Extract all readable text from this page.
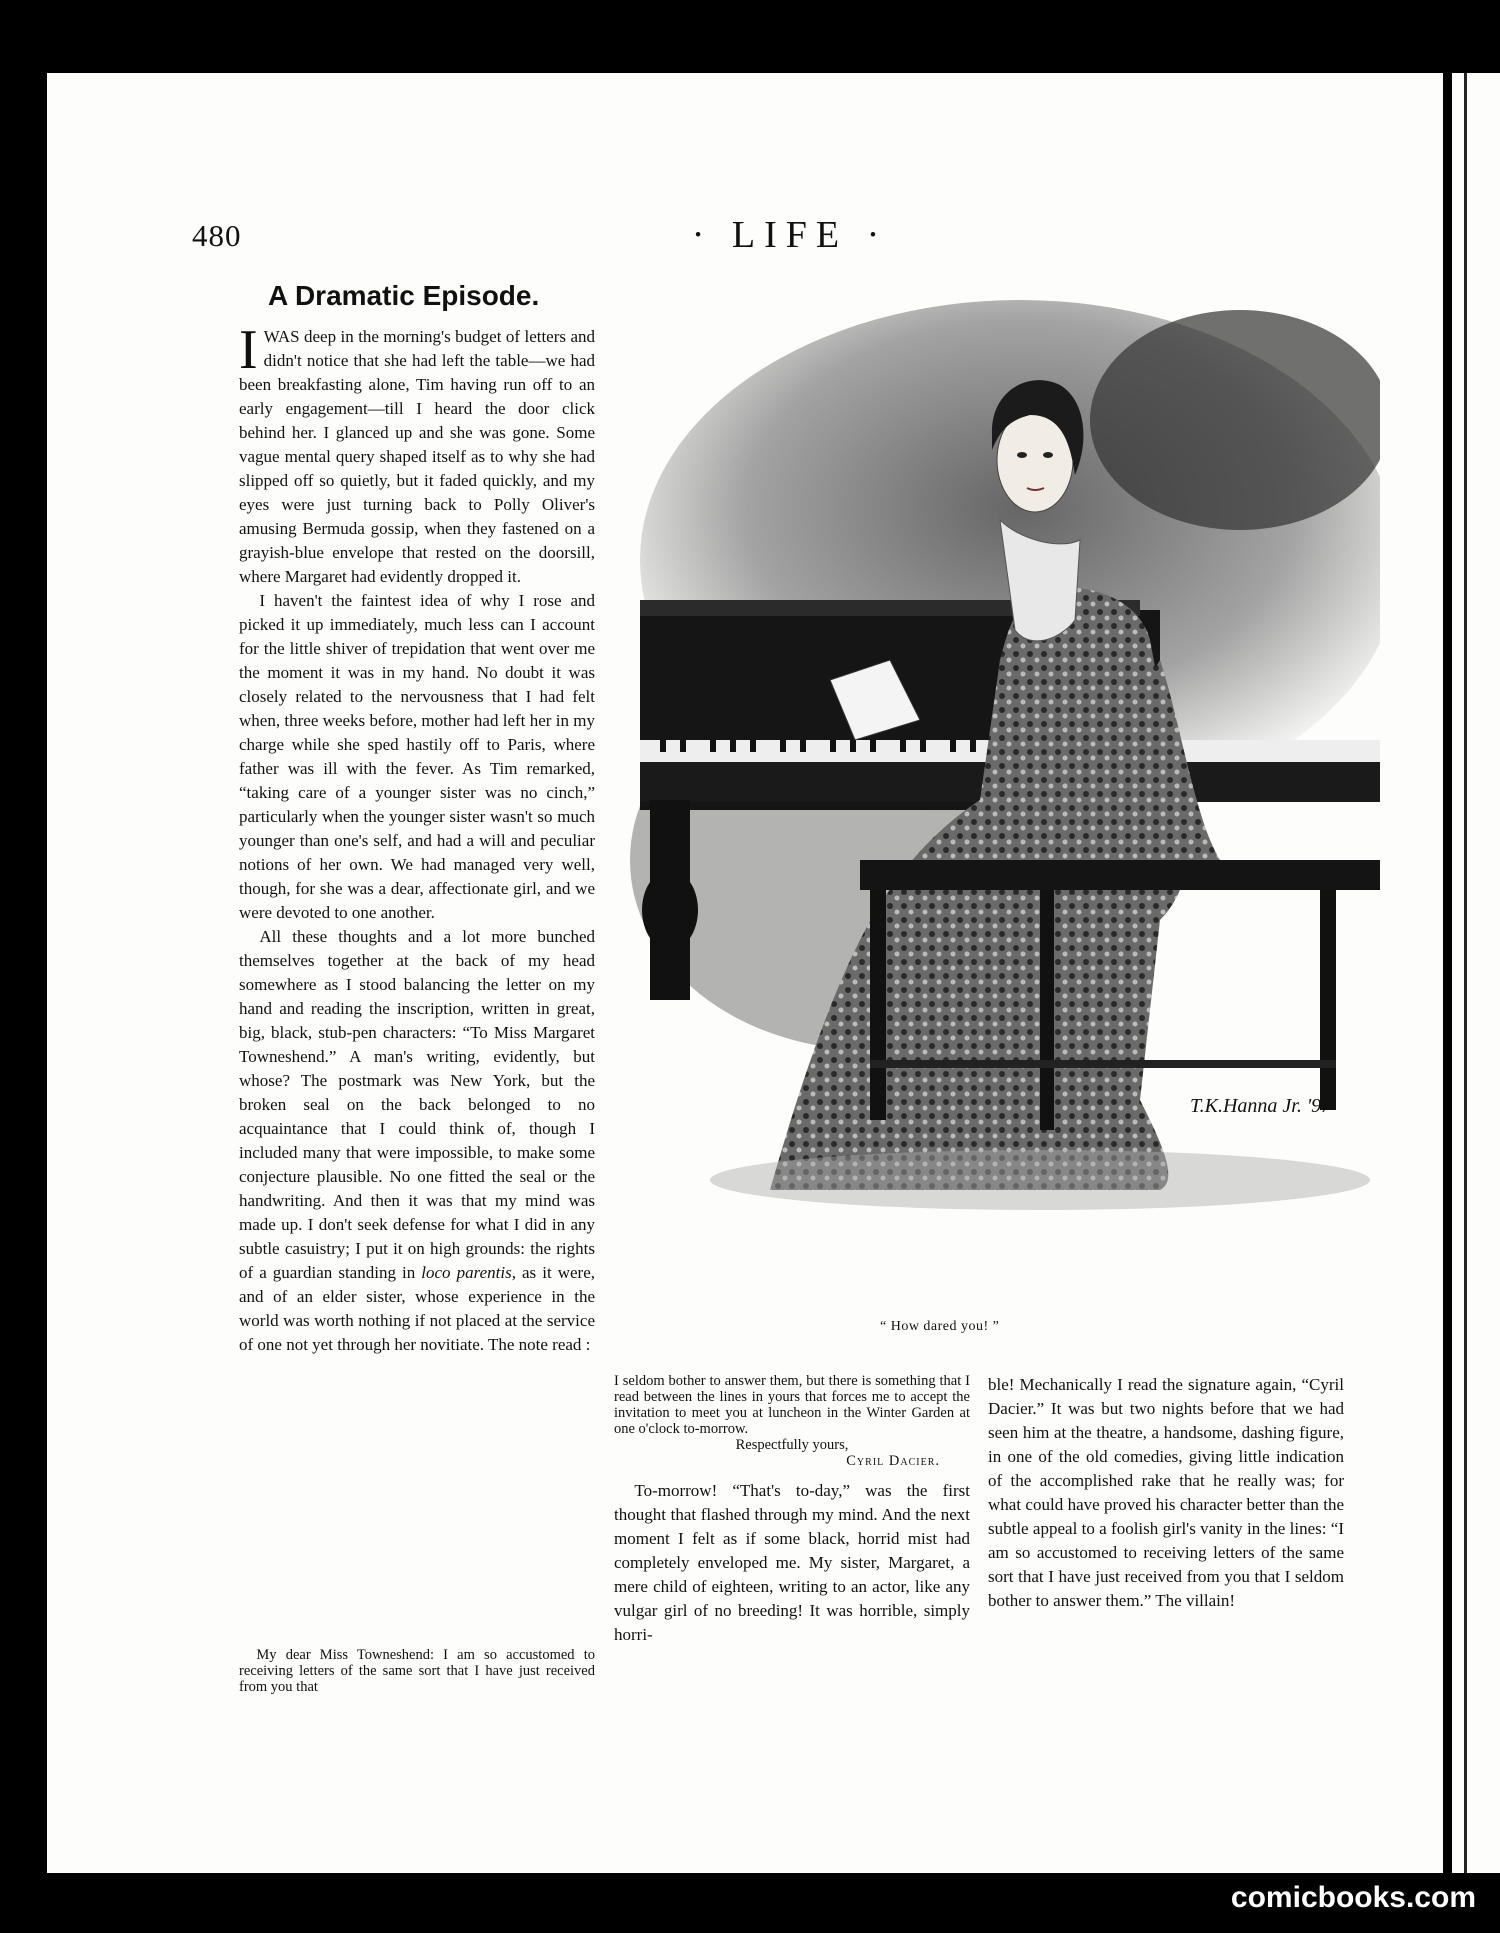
480	· LIFE ·
A Dramatic Episode.

IWAS deep in the morning's budget of letters and didn't notice that she had left the table—we had been breakfasting alone, Tim having run off to an early engagement—till I heard the door click behind her. I glanced up and she was gone. Some vague mental query shaped itself as to why she had slipped off so quietly, but it faded quickly, and my eyes were just turning back to Polly Oliver's amusing Bermuda gossip, when they fastened on a grayish-blue envelope that rested on the doorsill, where Margaret had evidently dropped it.

I haven't the faintest idea of why I rose and picked it up immediately, much less can I account for the little shiver of trepidation that went over me the moment it was in my hand. No doubt it was closely related to the nervousness that I had felt when, three weeks before, mother had left her in my charge while she sped hastily off to Paris, where father was ill with the fever. As Tim remarked, “taking care of a younger sister was no cinch,” particularly when the younger sister wasn't so much younger than one's self, and had a will and peculiar notions of her own. We had managed very well, though, for she was a dear, affectionate girl, and we were devoted to one another.

All these thoughts and a lot more bunched themselves together at the back of my head somewhere as I stood balancing the letter on my hand and reading the inscription, written in great, big, black, stub-pen characters: “To Miss Margaret Towneshend.” A man's writing, evidently, but whose? The postmark was New York, but the broken seal on the back belonged to no acquaintance that I could think of, though I included many that were impossible, to make some conjecture plausible. No one fitted the seal or the handwriting. And then it was that my mind was made up. I don't seek defense for what I did in any subtle casuistry; I put it on high grounds: the rights of a guardian standing in loco parentis, as it were, and of an elder sister, whose experience in the world was worth nothing if not placed at the service of one not yet through her novitiate. The note read :

My dear Miss Towneshend: I am so accustomed to receiving letters of the same sort that I have just received from you that

I seldom bother to answer them, but there is something that I read between the lines in yours that forces me to accept the invitation to meet you at luncheon in the Winter Garden at one o'clock to-morrow.
Respectfully yours,
Cyril Dacier.

To-morrow! “That's to-day,” was the first thought that flashed through my mind. And the next moment I felt as if some black, horrid mist had completely enveloped me. My sister, Margaret, a mere child of eighteen, writing to an actor, like any vulgar girl of no breeding! It was horrible, simply horri-

ble! Mechanically I read the signature again, “Cyril Dacier.” It was but two nights before that we had seen him at the theatre, a handsome, dashing figure, in one of the old comedies, giving little indication of the accomplished rake that he really was; for what could have proved his character better than the subtle appeal to a foolish girl's vanity in the lines: “I am so accustomed to receiving letters of the same sort that I have just received from you that I seldom bother to answer them.” The villain!

T.K.Hanna Jr. '97
“ How dared you! ”
comicbooks.com
